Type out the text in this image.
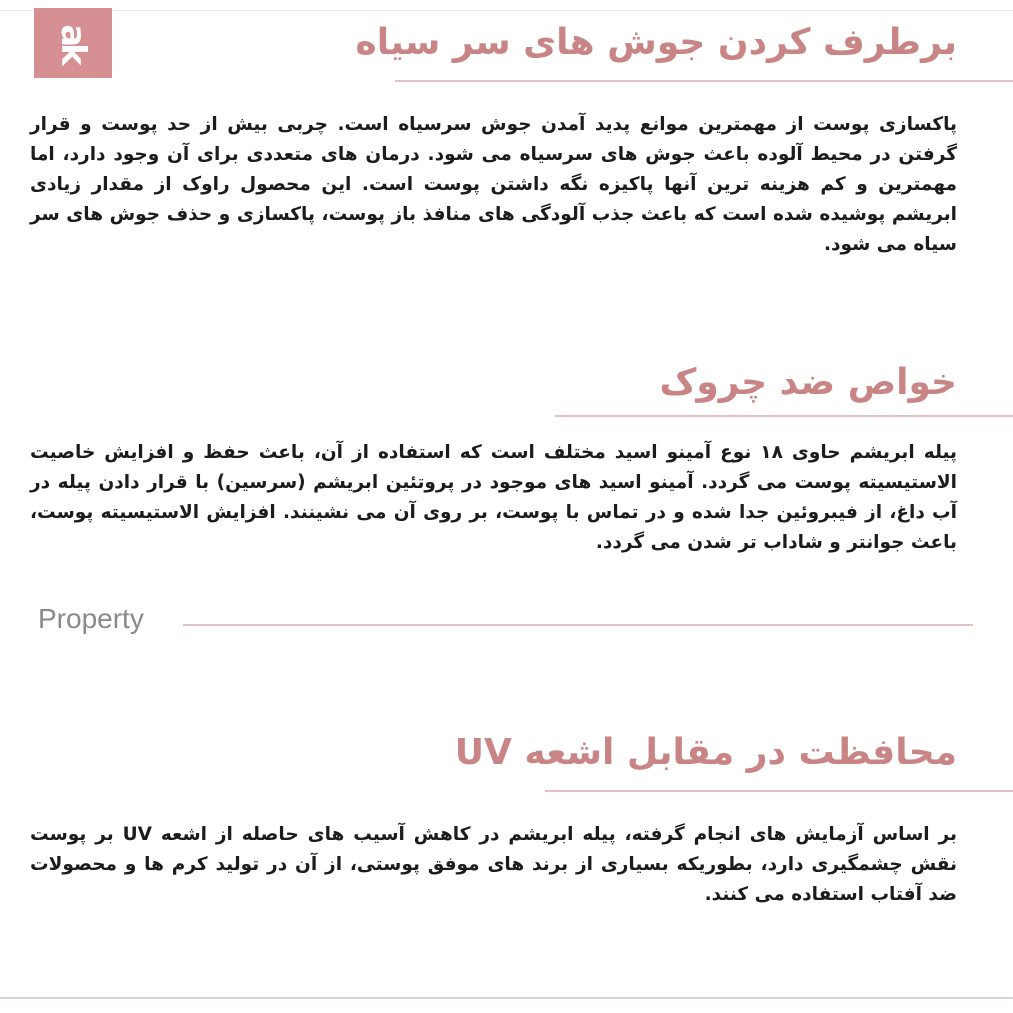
ak	برطرف کردن جوش های سر سیاه
پاکسازی پوست از مهمترین موانع پدید آمدن جوش سرسیاه است. چربی بیش از حد پوست و قرار گرفتن در محیط آلوده باعث جوش های سرسیاه می شود. درمان های متعددی برای آن وجود دارد، اما مهمترین و کم هزینه ترین آنها پاکیزه نگه داشتن پوست است. این محصول راوک از مقدار زیادی ابریشم پوشیده شده است که باعث جذب آلودگی های منافذ باز پوست، پاکسازی و حذف جوش های سر سیاه می شود.
خواص ضد چروک
پیله ابریشم حاوی ۱۸ نوع آمینو اسید مختلف است که استفاده از آن، باعث حفظ و افزایش خاصیت الاستیسیته پوست می گردد. آمینو اسید های موجود در پروتئین ابریشم (سرسین) با قرار دادن پیله در آب داغ، از فیبروئین جدا شده و در تماس با پوست، بر روی آن می نشینند. افزایش الاستیسیته پوست، باعث جوانتر و شاداب تر شدن می گردد.
Property
محافظت در مقابل اشعه UV
بر اساس آزمایش های انجام گرفته، پیله ابریشم در کاهش آسیب های حاصله از اشعه UV بر پوست نقش چشمگیری دارد، بطوریکه بسیاری از برند های موفق پوستی، از آن در تولید کرم ها و محصولات ضد آفتاب استفاده می کنند.
